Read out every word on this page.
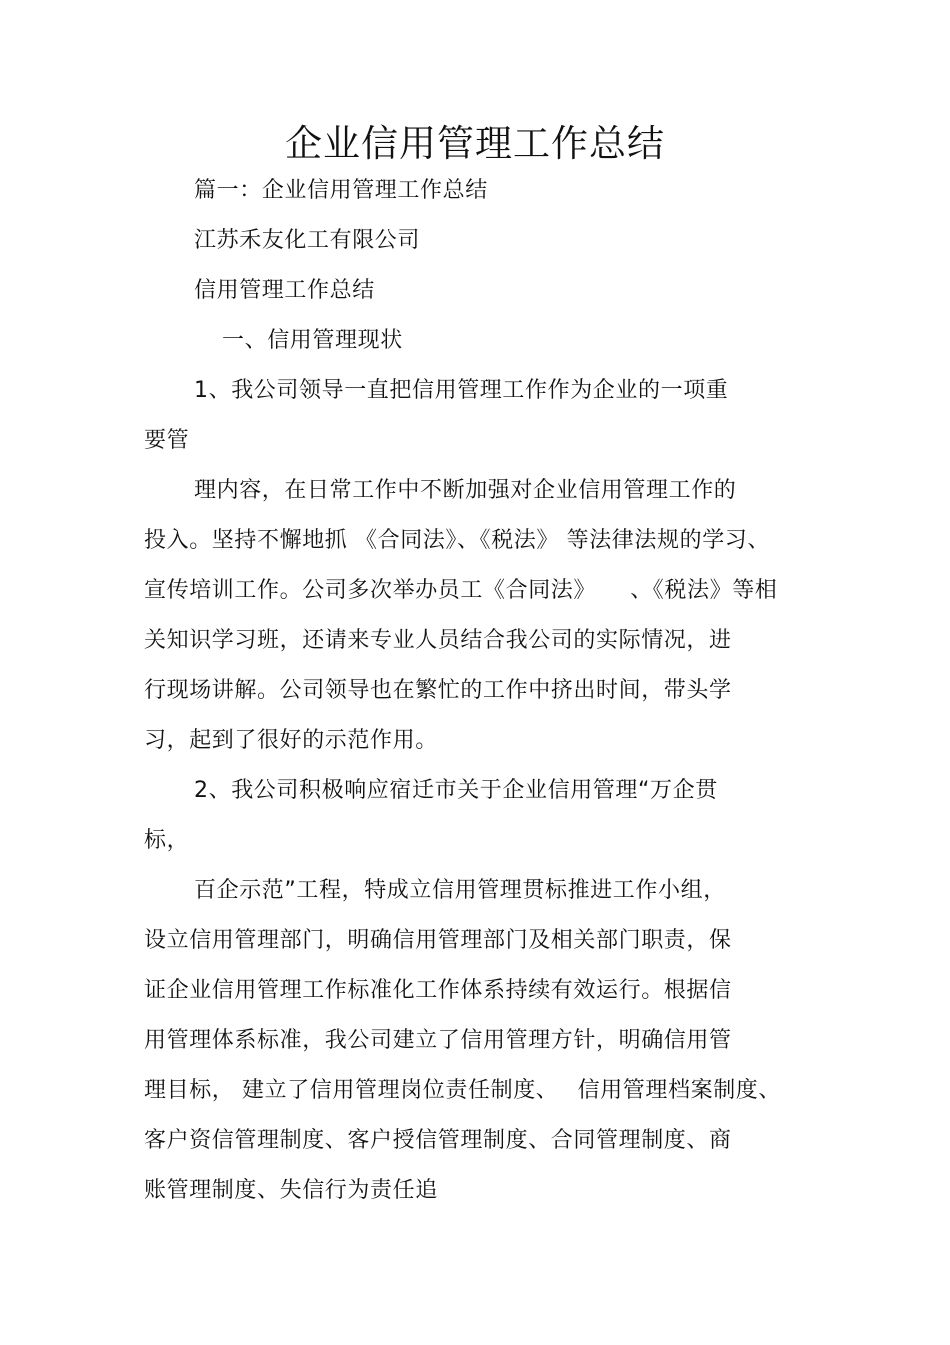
企业信用管理工作总结
篇一：企业信用管理工作总结
江苏禾友化工有限公司
信用管理工作总结
一、信用管理现状
1、我公司领导一直把信用管理工作作为企业的一项重
要管
理内容，在日常工作中不断加强对企业信用管理工作的
投入。坚持不懈地抓 《合同法》、《税法》 等法律法规的学习、
宣传培训工作。公司多次举办员工《合同法》　　、《税法》等相
关知识学习班，还请来专业人员结合我公司的实际情况，进
行现场讲解。公司领导也在繁忙的工作中挤出时间，带头学
习，起到了很好的示范作用。
2、我公司积极响应宿迁市关于企业信用管理“万企贯
标，
百企示范”工程，特成立信用管理贯标推进工作小组，
设立信用管理部门，明确信用管理部门及相关部门职责，保
证企业信用管理工作标准化工作体系持续有效运行。根据信
用管理体系标准，我公司建立了信用管理方针，明确信用管
理目标， 建立了信用管理岗位责任制度、　 信用管理档案制度、
客户资信管理制度、客户授信管理制度、合同管理制度、商
账管理制度、失信行为责任追
